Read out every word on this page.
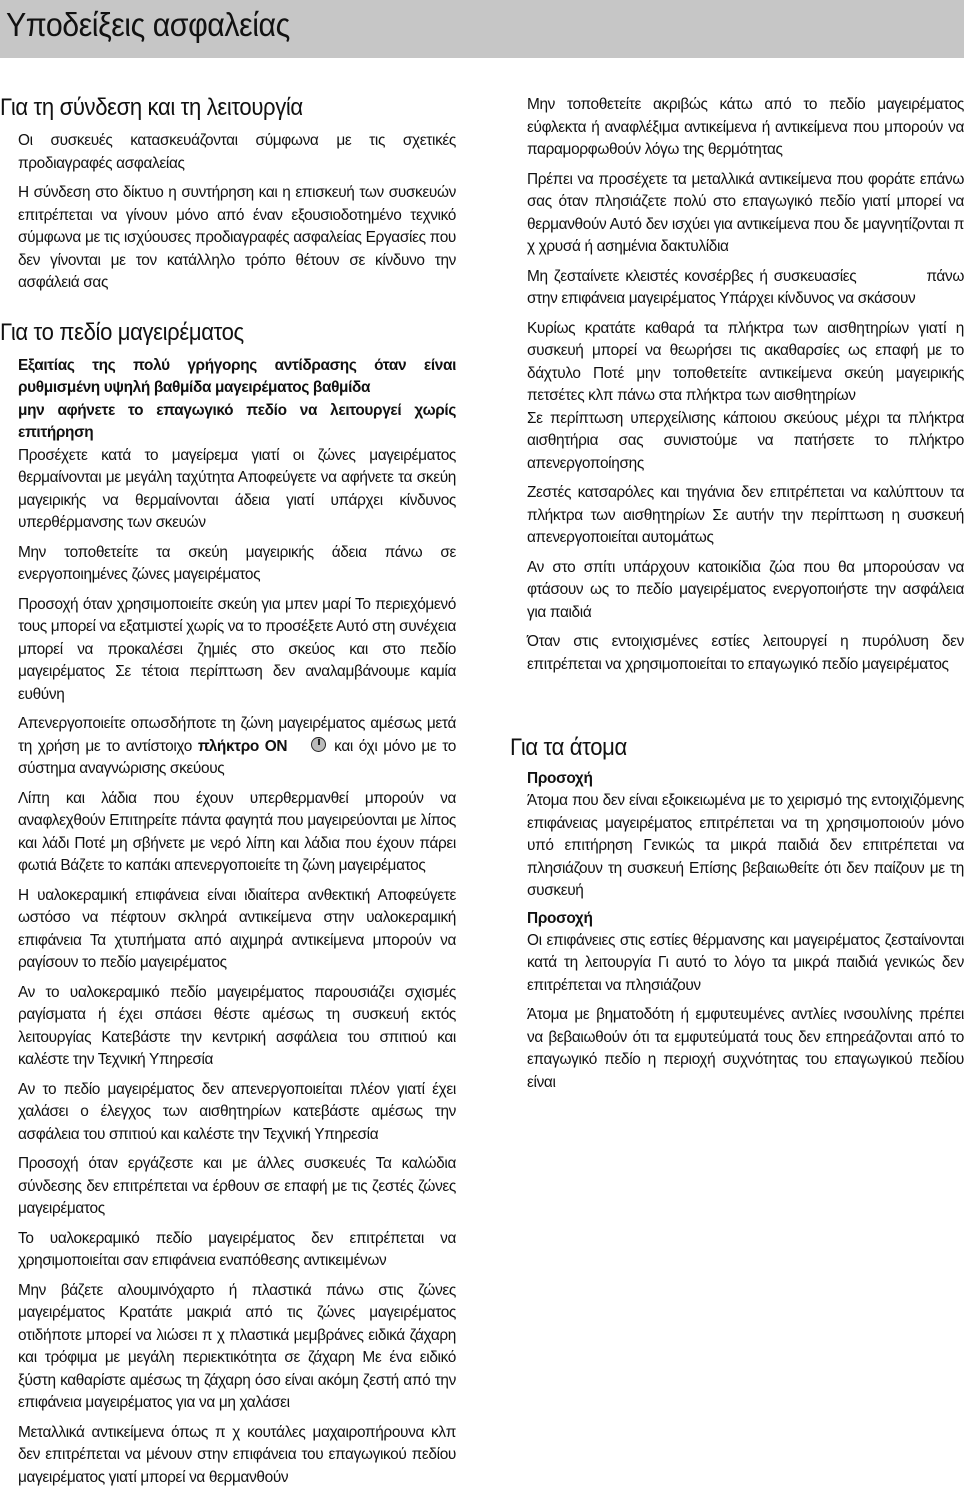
Υποδείξεις ασφαλείας
Για τη σύνδεση και τη λειτουργία

Οι συσκευές κατασκευάζονται σύμφωνα με τις σχετικές προδιαγραφές ασφαλείας

Η σύνδεση στο δίκτυο η συντήρηση και η επισκευή των συσκευών επιτρέπεται να γίνουν μόνο από έναν εξουσιοδοτημένο τεχνικό σύμφωνα με τις ισχύουσες προδιαγραφές ασφαλείας Εργασίες που δεν γίνονται με τον κατάλληλο τρόπο θέτουν σε κίνδυνο την ασφάλειά σας

Για το πεδίο μαγειρέματος

Εξαιτίας της πολύ γρήγορης αντίδρασης όταν είναι ρυθμισμένη υψηλή βαθμίδα μαγειρέματος βαθμίδα

μην αφήνετε το επαγωγικό πεδίο να λειτουργεί χωρίς επιτήρηση

Προσέχετε κατά το μαγείρεμα γιατί οι ζώνες μαγειρέματος θερμαίνονται με μεγάλη ταχύτητα Αποφεύγετε να αφήνετε τα σκεύη μαγειρικής να θερμαίνονται άδεια γιατί υπάρχει κίνδυνος υπερθέρμανσης των σκευών

Μην τοποθετείτε τα σκεύη μαγειρικής άδεια πάνω σε ενεργοποιημένες ζώνες μαγειρέματος

Προσοχή όταν χρησιμοποιείτε σκεύη για μπεν μαρί Το περιεχόμενό τους μπορεί να εξατμιστεί χωρίς να το προσέξετε Αυτό στη συνέχεια μπορεί να προκαλέσει ζημιές στο σκεύος και στο πεδίο μαγειρέματος Σε τέτοια περίπτωση δεν αναλαμβάνουμε καμία ευθύνη

Απενεργοποιείτε οπωσδήποτε τη ζώνη μαγειρέματος αμέσως μετά τη χρήση με το αντίστοιχο πλήκτρο ON	και όχι μόνο με το σύστημα αναγνώρισης σκεύους

Λίπη και λάδια που έχουν υπερθερμανθεί μπορούν να αναφλεχθούν Επιτηρείτε πάντα φαγητά που μαγειρεύονται με λίπος και λάδι Ποτέ μη σβήνετε με νερό λίπη και λάδια που έχουν πάρει φωτιά Βάζετε το καπάκι απενεργοποιείτε τη ζώνη μαγειρέματος

Η υαλοκεραμική επιφάνεια είναι ιδιαίτερα ανθεκτική Αποφεύγετε ωστόσο να πέφτουν σκληρά αντικείμενα στην υαλοκεραμική επιφάνεια Τα χτυπήματα από αιχμηρά αντικείμενα μπορούν να ραγίσουν το πεδίο μαγειρέματος

Αν το υαλοκεραμικό πεδίο μαγειρέματος παρουσιάζει σχισμές ραγίσματα ή έχει σπάσει θέστε αμέσως τη συσκευή εκτός λειτουργίας Κατεβάστε την κεντρική ασφάλεια του σπιτιού και καλέστε την Τεχνική Υπηρεσία

Αν το πεδίο μαγειρέματος δεν απενεργοποιείται πλέον γιατί έχει χαλάσει ο έλεγχος των αισθητηρίων κατεβάστε αμέσως την ασφάλεια του σπιτιού και καλέστε την Τεχνική Υπηρεσία

Προσοχή όταν εργάζεστε και με άλλες συσκευές Τα καλώδια σύνδεσης δεν επιτρέπεται να έρθουν σε επαφή με τις ζεστές ζώνες μαγειρέματος

Το υαλοκεραμικό πεδίο μαγειρέματος δεν επιτρέπεται να χρησιμοποιείται σαν επιφάνεια εναπόθεσης αντικειμένων

Μην βάζετε αλουμινόχαρτο ή πλαστικά πάνω στις ζώνες μαγειρέματος Κρατάτε μακριά από τις ζώνες μαγειρέματος οτιδήποτε μπορεί να λιώσει π χ πλαστικά μεμβράνες ειδικά ζάχαρη και τρόφιμα με μεγάλη περιεκτικότητα σε ζάχαρη Με ένα ειδικό ξύστη καθαρίστε αμέσως τη ζάχαρη όσο είναι ακόμη ζεστή από την επιφάνεια μαγειρέματος για να μη χαλάσει

Μεταλλικά αντικείμενα όπως π χ κουτάλες μαχαιροπήρουνα κλπ δεν επιτρέπεται να μένουν στην επιφάνεια του επαγωγικού πεδίου μαγειρέματος γιατί μπορεί να θερμανθούν

Μην τοποθετείτε ακριβώς κάτω από το πεδίο μαγειρέματος εύφλεκτα ή αναφλέξιμα αντικείμενα ή αντικείμενα που μπορούν να παραμορφωθούν λόγω της θερμότητας

Πρέπει να προσέχετε τα μεταλλικά αντικείμενα που φοράτε επάνω σας όταν πλησιάζετε πολύ στο επαγωγικό πεδίο γιατί μπορεί να θερμανθούν Αυτό δεν ισχύει για αντικείμενα που δε μαγνητίζονται π χ χρυσά ή ασημένια δακτυλίδια

Μη ζεσταίνετε κλειστές κονσέρβες ή συσκευασίες	πάνω στην επιφάνεια μαγειρέματος Υπάρχει κίνδυνος να σκάσουν

Κυρίως κρατάτε καθαρά τα πλήκτρα των αισθητηρίων γιατί η συσκευή μπορεί να θεωρήσει τις ακαθαρσίες ως επαφή με το δάχτυλο Ποτέ μην τοποθετείτε αντικείμενα σκεύη μαγειρικής πετσέτες κλπ πάνω στα πλήκτρα των αισθητηρίων

Σε περίπτωση υπερχείλισης κάποιου σκεύους μέχρι τα πλήκτρα αισθητήρια σας συνιστούμε να πατήσετε το πλήκτρο απενεργοποίησης

Ζεστές κατσαρόλες και τηγάνια δεν επιτρέπεται να καλύπτουν τα πλήκτρα των αισθητηρίων Σε αυτήν την περίπτωση η συσκευή απενεργοποιείται αυτομάτως

Αν στο σπίτι υπάρχουν κατοικίδια ζώα που θα μπορούσαν να φτάσουν ως το πεδίο μαγειρέματος ενεργοποιήστε την ασφάλεια για παιδιά

Όταν στις εντοιχισμένες εστίες λειτουργεί η πυρόλυση δεν επιτρέπεται να χρησιμοποιείται το επαγωγικό πεδίο μαγειρέματος

Για τα άτομα
Προσοχή

Άτομα που δεν είναι εξοικειωμένα με το χειρισμό της εντοιχιζόμενης επιφάνειας μαγειρέματος επιτρέπεται να τη χρησιμοποιούν μόνο υπό επιτήρηση Γενικώς τα μικρά παιδιά δεν επιτρέπεται να πλησιάζουν τη συσκευή Επίσης βεβαιωθείτε ότι δεν παίζουν με τη συσκευή

Προσοχή

Οι επιφάνειες στις εστίες θέρμανσης και μαγειρέματος ζεσταίνονται κατά τη λειτουργία Γι αυτό το λόγο τα μικρά παιδιά γενικώς δεν επιτρέπεται να πλησιάζουν

Άτομα με βηματοδότη ή εμφυτευμένες αντλίες ινσουλίνης πρέπει να βεβαιωθούν ότι τα εμφυτεύματά τους δεν επηρεάζονται από το επαγωγικό πεδίο η περιοχή συχνότητας του επαγωγικού πεδίου είναι
